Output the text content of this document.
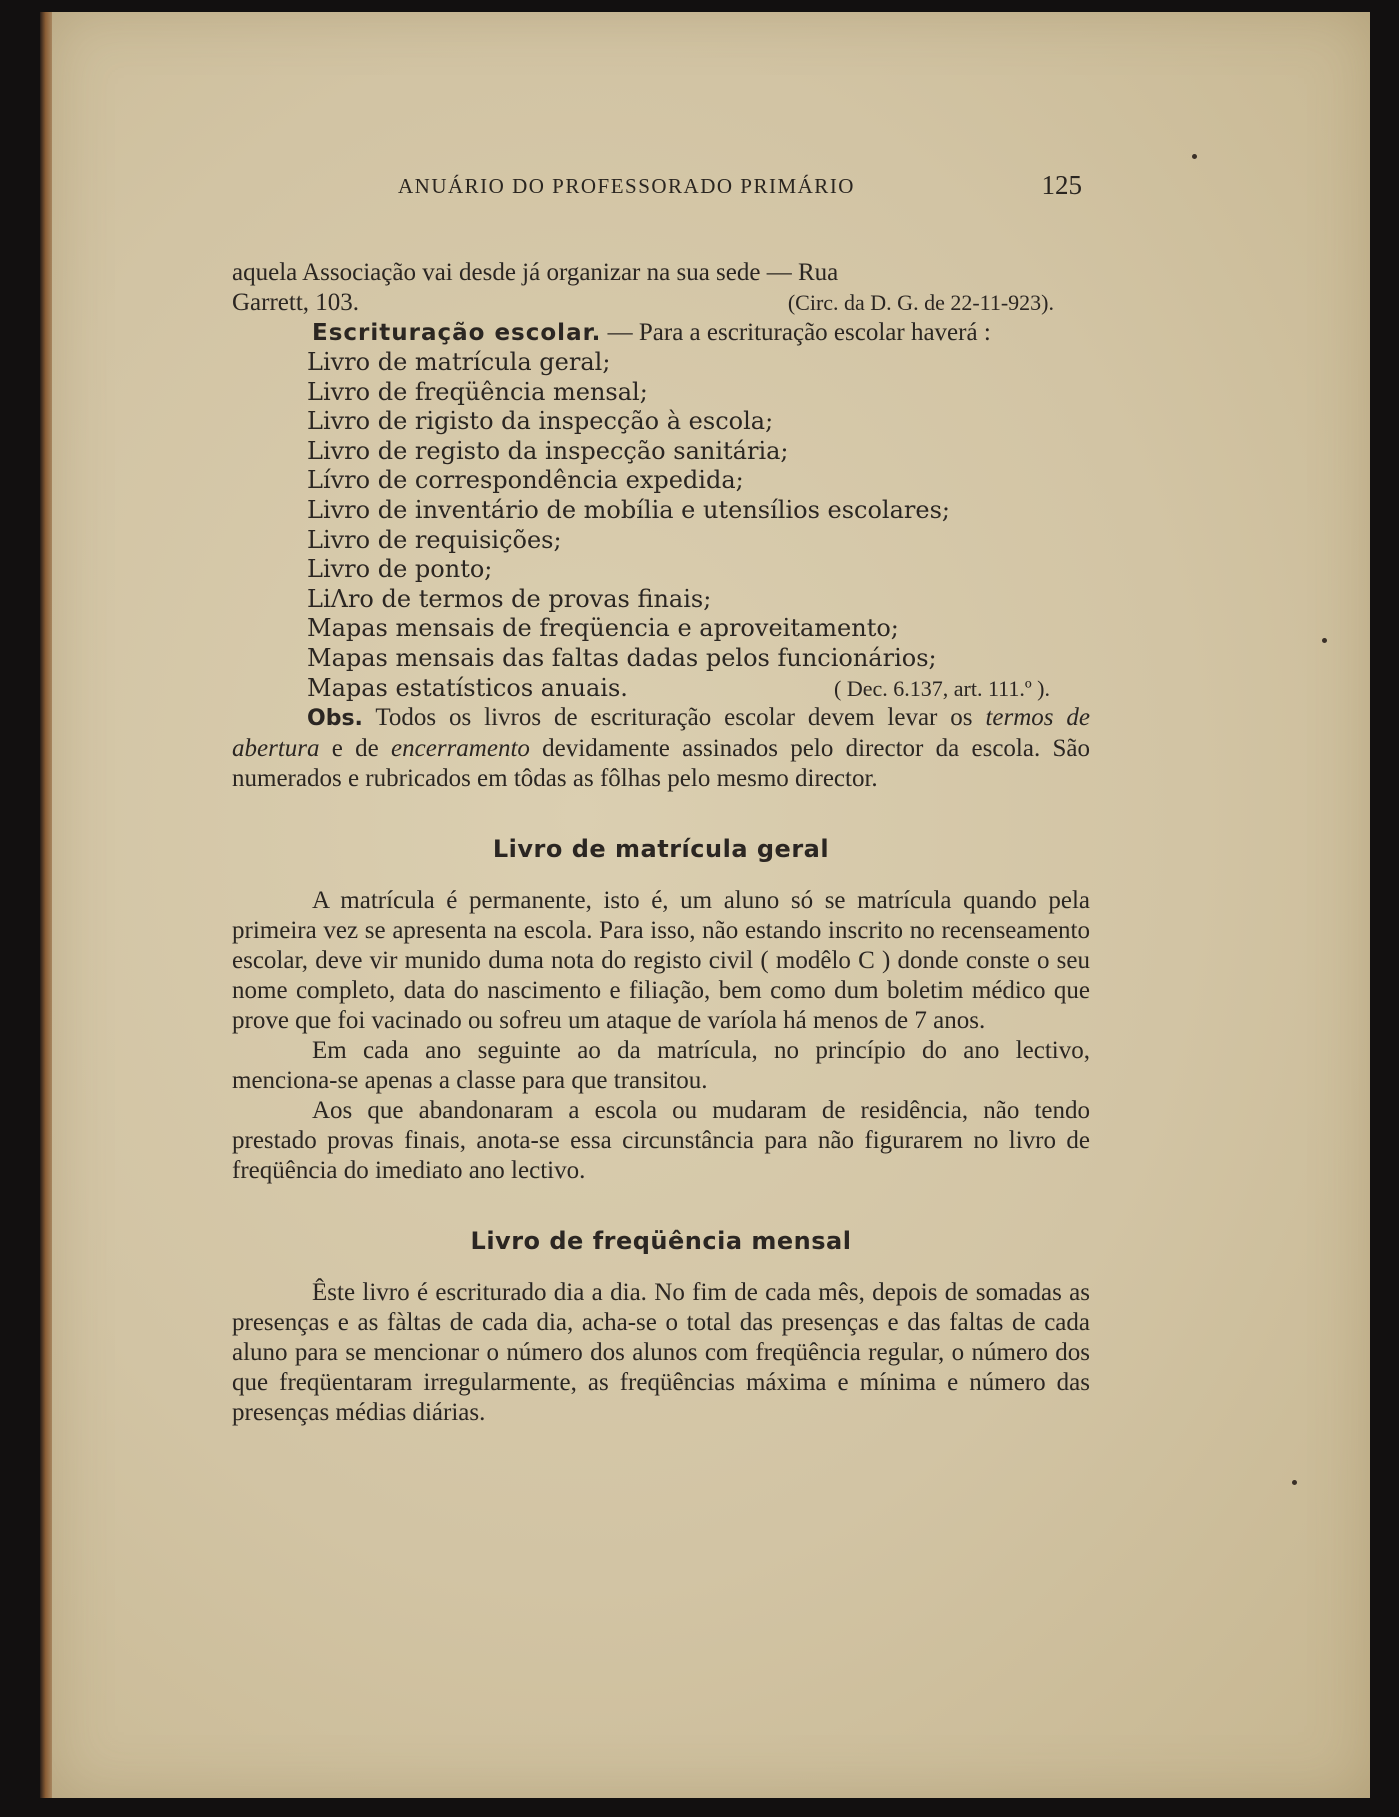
ANUÁRIO DO PROFESSORADO PRIMÁRIO	125

aquela Associação vai desde já organizar na sua sede — Rua

Garrett, 103.	(Circ. da D. G. de 22-11-923).

Escrituração escolar. — Para a escrituração escolar haverá :

Livro de matrícula geral;
Livro de freqüência mensal;
Livro de rigisto da inspecção à escola;
Livro de registo da inspecção sanitária;
Lívro de correspondência expedida;
Livro de inventário de mobília e utensílios escolares;
Livro de requisições;
Livro de ponto;
LiΛro de termos de provas finais;
Mapas mensais de freqüencia e aproveitamento;
Mapas mensais das faltas dadas pelos funcionários;
Mapas estatísticos anuais.	( Dec. 6.137, art. 111.º ).

Obs. Todos os livros de escrituração escolar devem levar os termos de abertura e de encerramento devidamente assinados pelo director da escola. São numerados e rubricados em tôdas as fôlhas pelo mesmo director.

Livro de matrícula geral

A matrícula é permanente, isto é, um aluno só se matrícula quando pela primeira vez se apresenta na escola. Para isso, não estando inscrito no recenseamento escolar, deve vir munido duma nota do registo civil ( modêlo C ) donde conste o seu nome completo, data do nascimento e filiação, bem como dum boletim médico que prove que foi vacinado ou sofreu um ataque de varíola há menos de 7 anos.

Em cada ano seguinte ao da matrícula, no princípio do ano lectivo, menciona-se apenas a classe para que transitou.

Aos que abandonaram a escola ou mudaram de residência, não tendo prestado provas finais, anota-se essa circunstância para não figurarem no livro de freqüência do imediato ano lectivo.

Livro de freqüência mensal

Êste livro é escriturado dia a dia. No fim de cada mês, depois de somadas as presenças e as fàltas de cada dia, acha-se o total das presenças e das faltas de cada aluno para se mencionar o número dos alunos com freqüência regular, o número dos que freqüentaram irregularmente, as freqüências máxima e mínima e número das presenças médias diárias.
